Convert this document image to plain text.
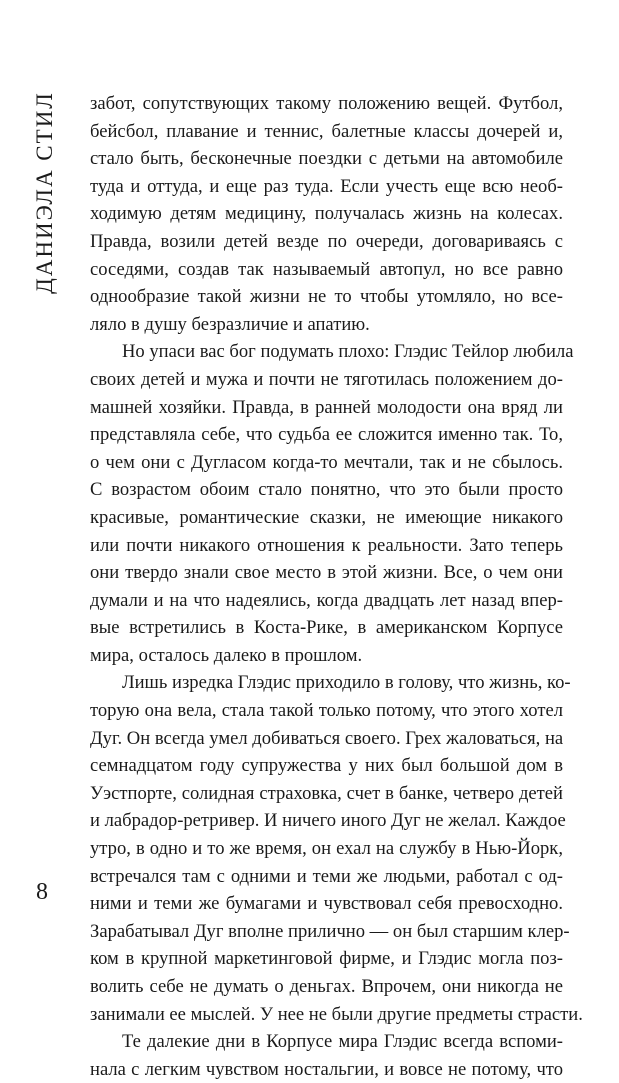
ДАНИЭЛА СТИЛ забот, сопутствующих такому положению вещей. Футбол,
бейсбол, плавание и теннис, балетные классы дочерей и,
стало быть, бесконечные поездки с детьми на автомобиле
туда и оттуда, и еще раз туда. Если учесть еще всю необ-
ходимую детям медицину, получалась жизнь на колесах.
Правда, возили детей везде по очереди, договариваясь с
соседями, создав так называемый автопул, но все равно
однообразие такой жизни не то чтобы утомляло, но все-
ляло в душу безразличие и апатию.
Но упаси вас бог подумать плохо: Глэдис Тейлор любила
своих детей и мужа и почти не тяготилась положением до-
машней хозяйки. Правда, в ранней молодости она вряд ли
представляла себе, что судьба ее сложится именно так. То,
о чем они с Дугласом когда-то мечтали, так и не сбылось.
С возрастом обоим стало понятно, что это были просто
красивые, романтические сказки, не имеющие никакого
или почти никакого отношения к реальности. Зато теперь
они твердо знали свое место в этой жизни. Все, о чем они
думали и на что надеялись, когда двадцать лет назад впер-
вые встретились в Коста-Рике, в американском Корпусе
мира, осталось далеко в прошлом.
Лишь изредка Глэдис приходило в голову, что жизнь, ко-
торую она вела, стала такой только потому, что этого хотел
Дуг. Он всегда умел добиваться своего. Грех жаловаться, на
семнадцатом году супружества у них был большой дом в
Уэстпорте, солидная страховка, счет в банке, четверо детей
и лабрадор-ретривер. И ничего иного Дуг не желал. Каждое
утро, в одно и то же время, он ехал на службу в Нью-Йорк,
встречался там с одними и теми же людьми, работал с од-
ними и теми же бумагами и чувствовал себя превосходно.
Зарабатывал Дуг вполне прилично — он был старшим клер-
ком в крупной маркетинговой фирме, и Глэдис могла поз-
волить себе не думать о деньгах. Впрочем, они никогда не
занимали ее мыслей. У нее не были другие предметы страсти.
Те далекие дни в Корпусе мира Глэдис всегда вспоми-
нала с легким чувством ностальгии, и вовсе не потому, что
8
